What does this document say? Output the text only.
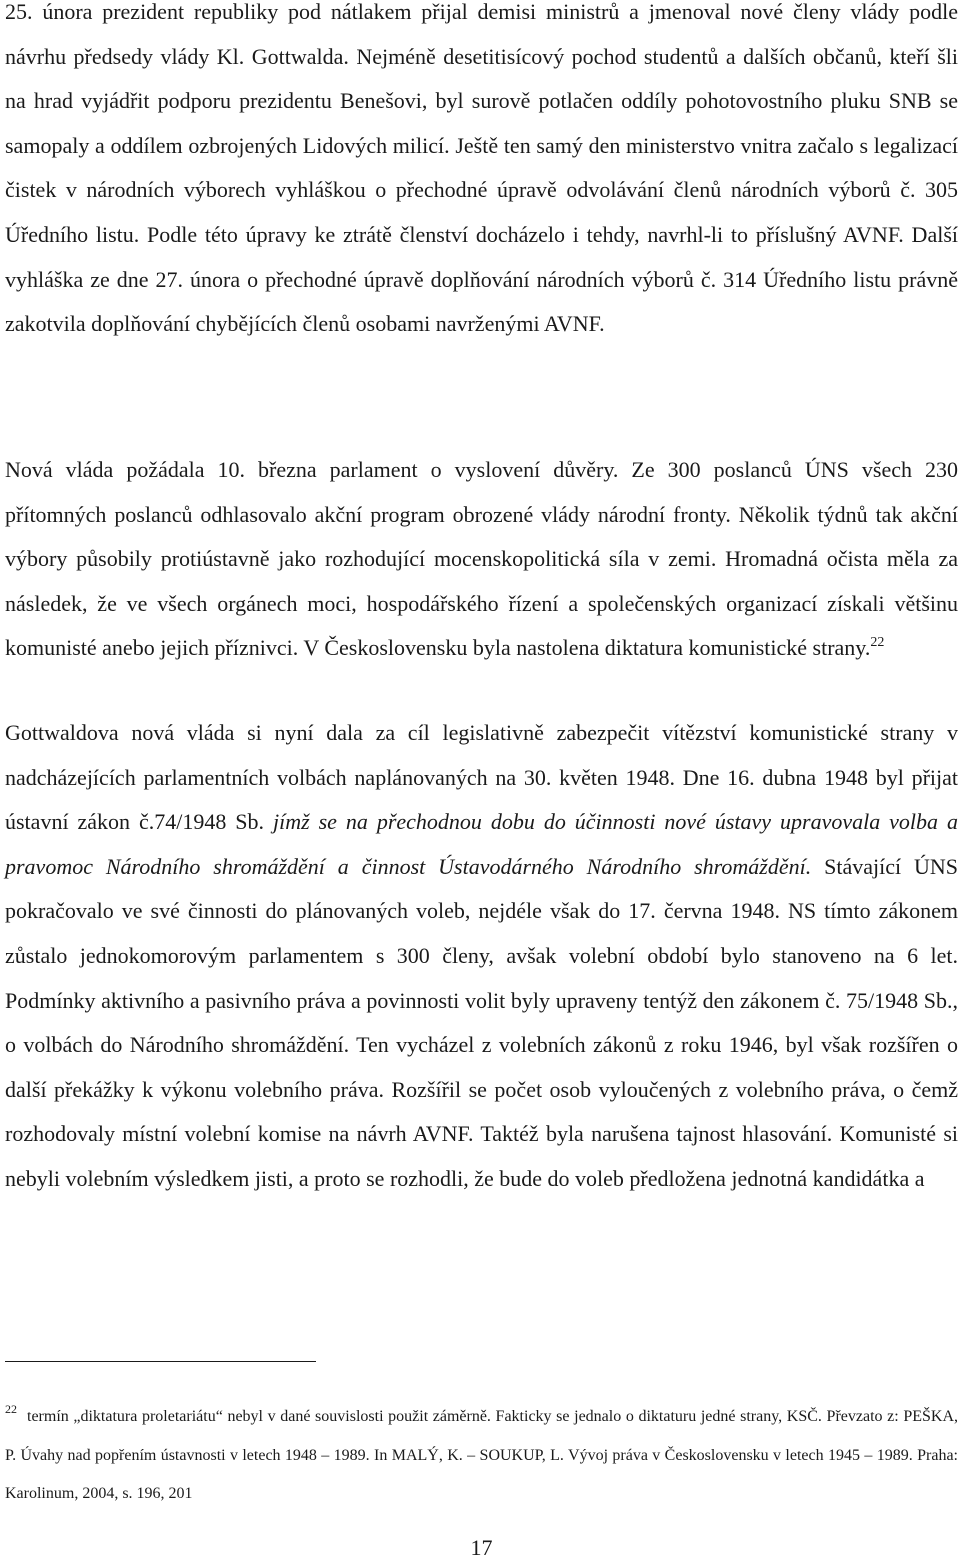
25. února prezident republiky pod nátlakem přijal demisi ministrů a jmenoval nové členy vlády podle návrhu předsedy vlády Kl. Gottwalda. Nejméně desetitisícový pochod studentů a dalších občanů, kteří šli na hrad vyjádřit podporu prezidentu Benešovi, byl surově potlačen oddíly pohotovostního pluku SNB se samopaly a oddílem ozbrojených Lidových milicí. Ještě ten samý den ministerstvo vnitra začalo s legalizací čistek v národních výborech vyhláškou o přechodné úpravě odvolávání členů národních výborů č. 305 Úředního listu. Podle této úpravy ke ztrátě členství docházelo i tehdy, navrhl-li to příslušný AVNF. Další vyhláška ze dne 27. února o přechodné úpravě doplňování národních výborů č. 314 Úředního listu právně zakotvila doplňování chybějících členů osobami navrženými AVNF.

Nová vláda požádala 10. března parlament o vyslovení důvěry. Ze 300 poslanců ÚNS všech 230 přítomných poslanců odhlasovalo akční program obrozené vlády národní fronty. Několik týdnů tak akční výbory působily protiústavně jako rozhodující mocenskopolitická síla v zemi. Hromadná očista měla za následek, že ve všech orgánech moci, hospodářského řízení a společenských organizací získali většinu komunisté anebo jejich příznivci. V Československu byla nastolena diktatura komunistické strany.$^{22}$

Gottwaldova nová vláda si nyní dala za cíl legislativně zabezpečit vítězství komunistické strany v nadcházejících parlamentních volbách naplánovaných na 30. květen 1948. Dne 16. dubna 1948 byl přijat ústavní zákon č.74/1948 Sb. jímž se na přechodnou dobu do účinnosti nové ústavy upravovala volba a pravomoc Národního shromáždění a činnost Ústavodárného Národního shromáždění. Stávající ÚNS pokračovalo ve své činnosti do plánovaných voleb, nejdéle však do 17. června 1948. NS tímto zákonem zůstalo jednokomorovým parlamentem s 300 členy, avšak volební období bylo stanoveno na 6 let. Podmínky aktivního a pasivního práva a povinnosti volit byly upraveny tentýž den zákonem č. 75/1948 Sb., o volbách do Národního shromáždění. Ten vycházel z volebních zákonů z roku 1946, byl však rozšířen o další překážky k výkonu volebního práva. Rozšířil se počet osob vyloučených z volebního práva, o čemž rozhodovaly místní volební komise na návrh AVNF. Taktéž byla narušena tajnost hlasování. Komunisté si nebyli volebním výsledkem jisti, a proto se rozhodli, že bude do voleb předložena jednotná kandidátka a

$^{22}$ termín „diktatura proletariátu“ nebyl v dané souvislosti použit záměrně. Fakticky se jednalo o diktaturu jedné strany, KSČ. Převzato z: PEŠKA, P. Úvahy nad popřením ústavnosti v letech 1948 – 1989. In MALÝ, K. – SOUKUP, L. Vývoj práva v Československu v letech 1945 – 1989. Praha: Karolinum, 2004, s. 196, 201

17
